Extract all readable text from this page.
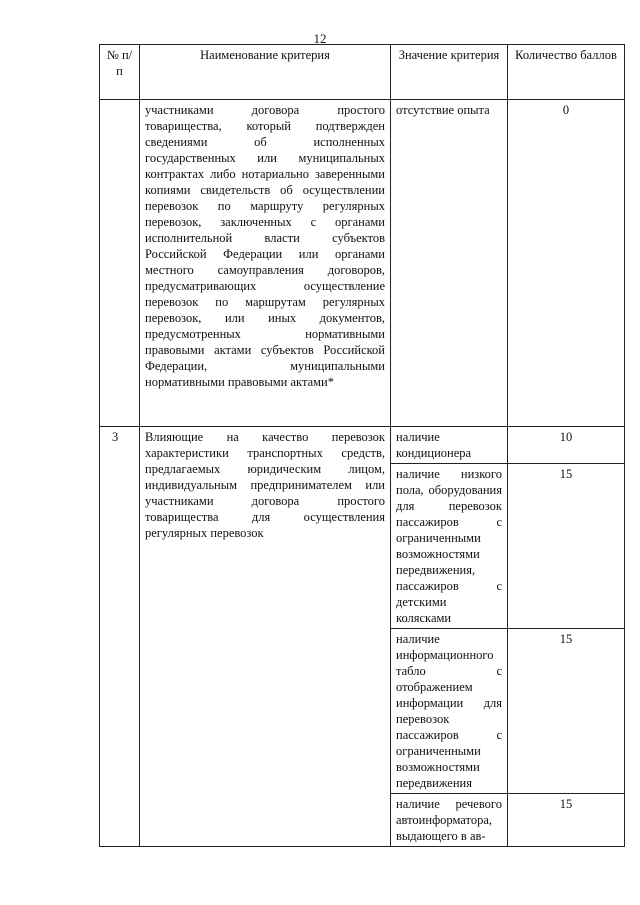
12
№ п/п	Наименование критерия	Значение критерия	Количество баллов
	участниками договора простого товарищества, который подтвержден сведениями об исполненных государственных или муниципальных контрактах либо нотариально заверенными копиями свидетельств об осуществлении перевозок по маршруту регулярных перевозок, заключенных с органами исполнительной власти субъектов Российской Федерации или органами местного самоуправления договоров, предусматривающих осуществление перевозок по маршрутам регулярных перевозок, или иных документов, предусмотренных нормативными правовыми актами субъектов Российской Федерации, муниципальными нормативными правовыми актами*	отсутствие опыта	0
3	Влияющие на качество перевозок характеристики транспортных средств, предлагаемых юридическим лицом, индивидуальным предпринимателем или участниками договора простого товарищества для осуществления регулярных перевозок	наличие кондиционера	10
		наличие низкого пола, оборудования для перевозок пассажиров с ограниченными возможностями передвижения, пассажиров с детскими колясками	15
		наличие информационного табло с отображением информации для перевозок пассажиров с ограниченными возможностями передвижения	15
		наличие речевого автоинформатора, выдающего в ав-	15
